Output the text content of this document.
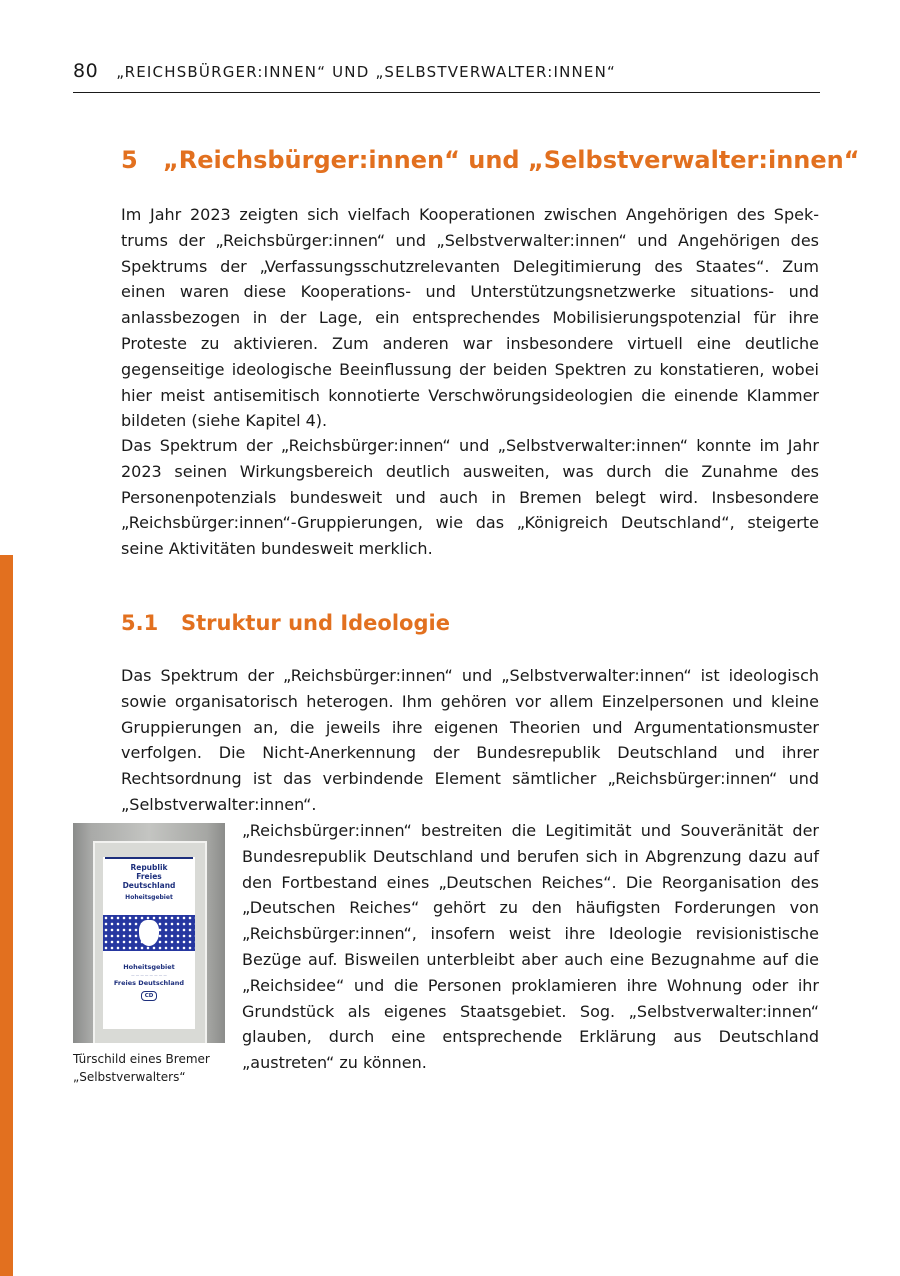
80 „REICHSBÜRGER:INNEN“ UND „SELBSTVERWALTER:INNEN“
5 „Reichsbürger:innen“ und „Selbstverwalter:innen“

Im Jahr 2023 zeigten sich vielfach Kooperationen zwischen Angehörigen des Spektrums der „Reichsbürger:innen“ und „Selbstverwalter:innen“ und Angehörigen des Spektrums der „Verfassungsschutzrelevanten Delegitimierung des Staates“. Zum einen waren diese Kooperations- und Unterstützungsnetzwerke situations- und anlassbezogen in der Lage, ein entsprechendes Mobilisierungspotenzial für ihre Proteste zu aktivieren. Zum anderen war insbesondere virtuell eine deutliche gegenseitige ideologische Beeinflussung der beiden Spektren zu konstatieren, wobei hier meist antisemitisch konnotierte Verschwörungsideologien die einende Klammer bildeten (siehe Kapitel 4).

Das Spektrum der „Reichsbürger:innen“ und „Selbstverwalter:innen“ konnte im Jahr 2023 seinen Wirkungsbereich deutlich ausweiten, was durch die Zunahme des Personenpotenzials bundesweit und auch in Bremen belegt wird. Insbesondere „Reichsbürger:innen“-Gruppierungen, wie das „Königreich Deutschland“, steigerte seine Aktivitäten bundesweit merklich.

5.1 Struktur und Ideologie

Das Spektrum der „Reichsbürger:innen“ und „Selbstverwalter:innen“ ist ideologisch sowie organisatorisch heterogen. Ihm gehören vor allem Einzelpersonen und kleine Gruppierungen an, die jeweils ihre eigenen Theorien und Argumentationsmuster verfolgen. Die Nicht-Anerkennung der Bundesrepublik Deutschland und ihrer Rechtsordnung ist das verbindende Element sämtlicher „Reichsbürger:innen“ und „Selbstverwalter:innen“.

Republik
Freies
Deutschland
Hoheitsgebiet
Hoheitsgebiet
— — — — — — — —
Freies Deutschland
CD

„Reichsbürger:innen“ bestreiten die Legitimität und Souveränität der Bundesrepublik Deutschland und berufen sich in Abgrenzung dazu auf den Fortbestand eines „Deutschen Reiches“. Die Reorganisation des „Deutschen Reiches“ gehört zu den häufigsten Forderungen von „Reichsbürger:innen“, insofern weist ihre Ideologie revisionistische Bezüge auf. Bisweilen unterbleibt aber auch eine Bezugnahme auf die „Reichsidee“ und die Personen proklamieren ihre Wohnung oder ihr Grundstück als eigenes Staatsgebiet. Sog. „Selbstverwalter:innen“ glauben, durch eine entsprechende Erklärung aus Deutschland „austreten“ zu können.

Türschild eines Bremer „Selbstverwalters“
